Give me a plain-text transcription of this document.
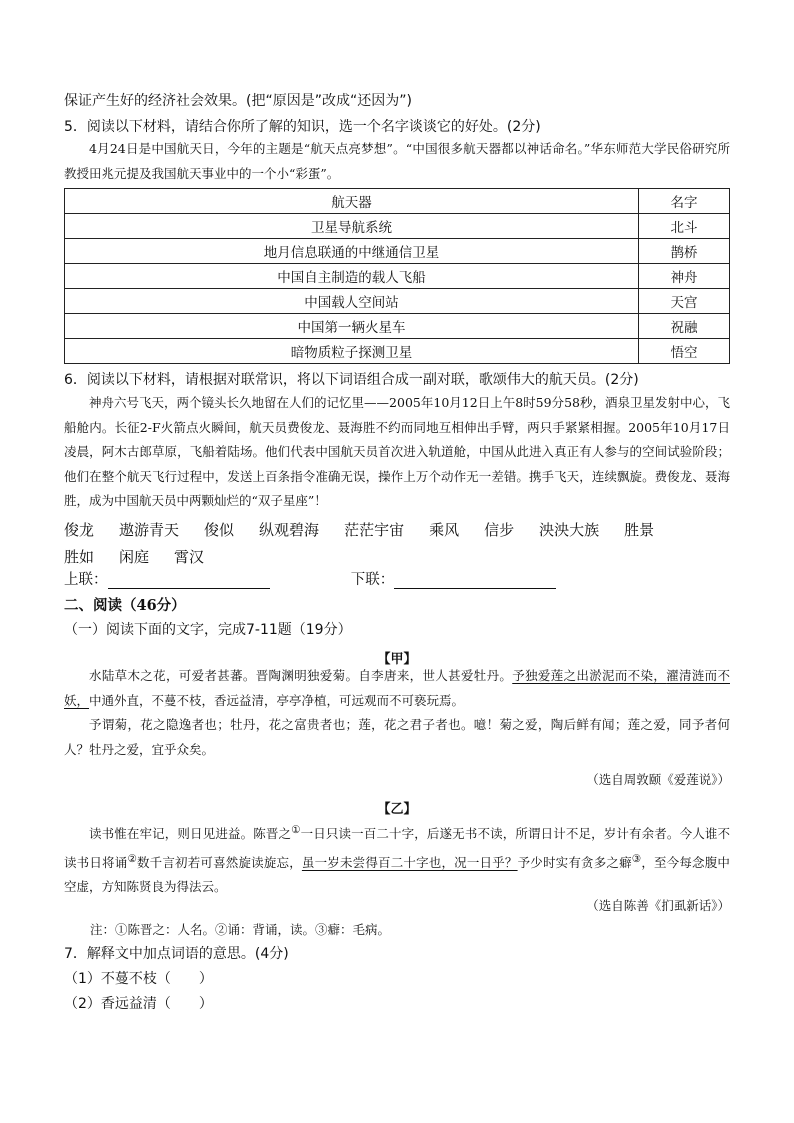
保证产生好的经济社会效果。(把“原因是”改成“还因为”)
5．阅读以下材料，请结合你所了解的知识，选一个名字谈谈它的好处。(2分)

4月24日是中国航天日，今年的主题是“航天点亮梦想”。“中国很多航天器都以神话命名。”华东师范大学民俗研究所教授田兆元提及我国航天事业中的一个小“彩蛋”。

航天器	名字
卫星导航系统	北斗
地月信息联通的中继通信卫星	鹊桥
中国自主制造的载人飞船	神舟
中国载人空间站	天宫
中国第一辆火星车	祝融
暗物质粒子探测卫星	悟空
6．阅读以下材料，请根据对联常识，将以下词语组合成一副对联，歌颂伟大的航天员。(2分)

神舟六号飞天，两个镜头长久地留在人们的记忆里——2005年10月12日上午8时59分58秒，酒泉卫星发射中心，飞船舱内。长征2-F火箭点火瞬间，航天员费俊龙、聂海胜不约而同地互相伸出手臂，两只手紧紧相握。2005年10月17日凌晨，阿木古郎草原，飞船着陆场。他们代表中国航天员首次进入轨道舱，中国从此进入真正有人参与的空间试验阶段；他们在整个航天飞行过程中，发送上百条指令准确无误，操作上万个动作无一差错。携手飞天，连续飘旋。费俊龙、聂海胜，成为中国航天员中两颗灿烂的“双子星座”！

俊龙 遨游青天 俊似 纵观碧海 茫茫宇宙 乘风 信步 泱泱大族 胜景胜如 闲庭 霄汉
上联：	下联：
二、阅读（46分）
（一）阅读下面的文字，完成7-11题（19分）
【甲】

水陆草木之花，可爱者甚蕃。晋陶渊明独爱菊。自李唐来，世人甚爱牡丹。予独爱莲之出淤泥而不染，濯清涟而不妖，中通外直，不蔓不枝，香远益清，亭亭净植，可远观而不可亵玩焉。

予谓菊，花之隐逸者也；牡丹，花之富贵者也；莲，花之君子者也。噫！菊之爱，陶后鲜有闻；莲之爱，同予者何人？牡丹之爱，宜乎众矣。

（选自周敦颐《爱莲说》）
【乙】

读书惟在牢记，则日见进益。陈晋之①一日只读一百二十字，后遂无书不读，所谓日计不足，岁计有余者。今人谁不读书日将诵②数千言初若可喜然旋读旋忘，虽一岁未尝得百二十字也，况一日乎？予少时实有贪多之癖③，至今每念腹中空虚，方知陈贤良为得法云。

（选自陈善《扪虱新话》）
注：①陈晋之：人名。②诵：背诵，读。③癖：毛病。
7．解释文中加点词语的意思。(4分)
（1）不蔓不枝（　　）
（2）香远益清（　　）
